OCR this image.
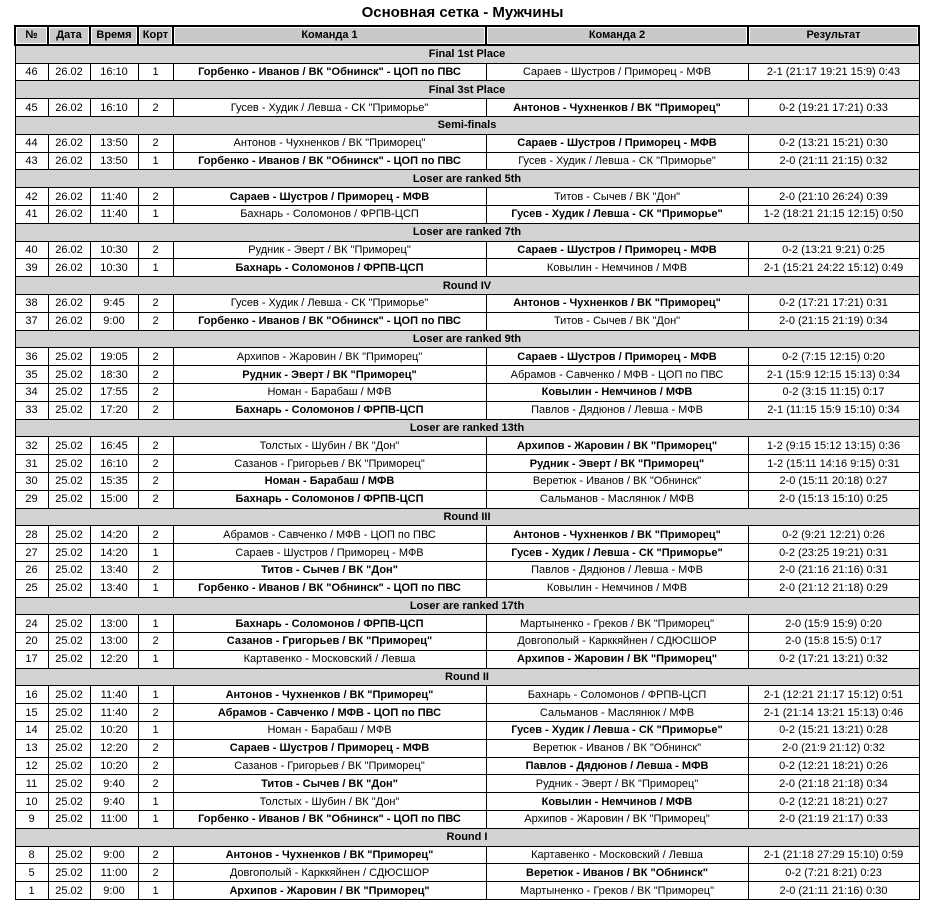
Основная сетка - Мужчины
№	Дата	Время	Корт	Команда 1	Команда 2	Результат
Final 1st Place						
46	26.02	16:10	1	Горбенко - Иванов / ВК "Обнинск" - ЦОП по ПВС	Сараев - Шустров / Приморец - МФВ	2-1 (21:17 19:21 15:9) 0:43
Final 3st Place						
45	26.02	16:10	2	Гусев - Худик / Левша - СК "Приморье"	Антонов - Чухненков / ВК "Приморец"	0-2 (19:21 17:21) 0:33
Semi-finals						
44	26.02	13:50	2	Антонов - Чухненков / ВК "Приморец"	Сараев - Шустров / Приморец - МФВ	0-2 (13:21 15:21) 0:30
43	26.02	13:50	1	Горбенко - Иванов / ВК "Обнинск" - ЦОП по ПВС	Гусев - Худик / Левша - СК "Приморье"	2-0 (21:11 21:15) 0:32
Loser are ranked 5th						
42	26.02	11:40	2	Сараев - Шустров / Приморец - МФВ	Титов - Сычев / ВК "Дон"	2-0 (21:10 26:24) 0:39
41	26.02	11:40	1	Бахнарь - Соломонов / ФРПВ-ЦСП	Гусев - Худик / Левша - СК "Приморье"	1-2 (18:21 21:15 12:15) 0:50
Loser are ranked 7th						
40	26.02	10:30	2	Рудник - Эверт / ВК "Приморец"	Сараев - Шустров / Приморец - МФВ	0-2 (13:21 9:21) 0:25
39	26.02	10:30	1	Бахнарь - Соломонов / ФРПВ-ЦСП	Ковылин - Немчинов / МФВ	2-1 (15:21 24:22 15:12) 0:49
Round IV						
38	26.02	9:45	2	Гусев - Худик / Левша - СК "Приморье"	Антонов - Чухненков / ВК "Приморец"	0-2 (17:21 17:21) 0:31
37	26.02	9:00	2	Горбенко - Иванов / ВК "Обнинск" - ЦОП по ПВС	Титов - Сычев / ВК "Дон"	2-0 (21:15 21:19) 0:34
Loser are ranked 9th						
36	25.02	19:05	2	Архипов - Жаровин / ВК "Приморец"	Сараев - Шустров / Приморец - МФВ	0-2 (7:15 12:15) 0:20
35	25.02	18:30	2	Рудник - Эверт / ВК "Приморец"	Абрамов - Савченко / МФВ - ЦОП по ПВС	2-1 (15:9 12:15 15:13) 0:34
34	25.02	17:55	2	Номан - Барабаш / МФВ	Ковылин - Немчинов / МФВ	0-2 (3:15 11:15) 0:17
33	25.02	17:20	2	Бахнарь - Соломонов / ФРПВ-ЦСП	Павлов - Дядюнов / Левша - МФВ	2-1 (11:15 15:9 15:10) 0:34
Loser are ranked 13th						
32	25.02	16:45	2	Толстых - Шубин / ВК "Дон"	Архипов - Жаровин / ВК "Приморец"	1-2 (9:15 15:12 13:15) 0:36
31	25.02	16:10	2	Сазанов - Григорьев / ВК "Приморец"	Рудник - Эверт / ВК "Приморец"	1-2 (15:11 14:16 9:15) 0:31
30	25.02	15:35	2	Номан - Барабаш / МФВ	Веретюк - Иванов / ВК "Обнинск"	2-0 (15:11 20:18) 0:27
29	25.02	15:00	2	Бахнарь - Соломонов / ФРПВ-ЦСП	Сальманов - Маслянюк / МФВ	2-0 (15:13 15:10) 0:25
Round III						
28	25.02	14:20	2	Абрамов - Савченко / МФВ - ЦОП по ПВС	Антонов - Чухненков / ВК "Приморец"	0-2 (9:21 12:21) 0:26
27	25.02	14:20	1	Сараев - Шустров / Приморец - МФВ	Гусев - Худик / Левша - СК "Приморье"	0-2 (23:25 19:21) 0:31
26	25.02	13:40	2	Титов - Сычев / ВК "Дон"	Павлов - Дядюнов / Левша - МФВ	2-0 (21:16 21:16) 0:31
25	25.02	13:40	1	Горбенко - Иванов / ВК "Обнинск" - ЦОП по ПВС	Ковылин - Немчинов / МФВ	2-0 (21:12 21:18) 0:29
Loser are ranked 17th						
24	25.02	13:00	1	Бахнарь - Соломонов / ФРПВ-ЦСП	Мартыненко - Греков / ВК "Приморец"	2-0 (15:9 15:9) 0:20
20	25.02	13:00	2	Сазанов - Григорьев / ВК "Приморец"	Довгополый - Карккяйнен / СДЮСШОР	2-0 (15:8 15:5) 0:17
17	25.02	12:20	1	Картавенко - Московский / Левша	Архипов - Жаровин / ВК "Приморец"	0-2 (17:21 13:21) 0:32
Round II						
16	25.02	11:40	1	Антонов - Чухненков / ВК "Приморец"	Бахнарь - Соломонов / ФРПВ-ЦСП	2-1 (12:21 21:17 15:12) 0:51
15	25.02	11:40	2	Абрамов - Савченко / МФВ - ЦОП по ПВС	Сальманов - Маслянюк / МФВ	2-1 (21:14 13:21 15:13) 0:46
14	25.02	10:20	1	Номан - Барабаш / МФВ	Гусев - Худик / Левша - СК "Приморье"	0-2 (15:21 13:21) 0:28
13	25.02	12:20	2	Сараев - Шустров / Приморец - МФВ	Веретюк - Иванов / ВК "Обнинск"	2-0 (21:9 21:12) 0:32
12	25.02	10:20	2	Сазанов - Григорьев / ВК "Приморец"	Павлов - Дядюнов / Левша - МФВ	0-2 (12:21 18:21) 0:26
11	25.02	9:40	2	Титов - Сычев / ВК "Дон"	Рудник - Эверт / ВК "Приморец"	2-0 (21:18 21:18) 0:34
10	25.02	9:40	1	Толстых - Шубин / ВК "Дон"	Ковылин - Немчинов / МФВ	0-2 (12:21 18:21) 0:27
9	25.02	11:00	1	Горбенко - Иванов / ВК "Обнинск" - ЦОП по ПВС	Архипов - Жаровин / ВК "Приморец"	2-0 (21:19 21:17) 0:33
Round I						
8	25.02	9:00	2	Антонов - Чухненков / ВК "Приморец"	Картавенко - Московский / Левша	2-1 (21:18 27:29 15:10) 0:59
5	25.02	11:00	2	Довгополый - Карккяйнен / СДЮСШОР	Веретюк - Иванов / ВК "Обнинск"	0-2 (7:21 8:21) 0:23
1	25.02	9:00	1	Архипов - Жаровин / ВК "Приморец"	Мартыненко - Греков / ВК "Приморец"	2-0 (21:11 21:16) 0:30
